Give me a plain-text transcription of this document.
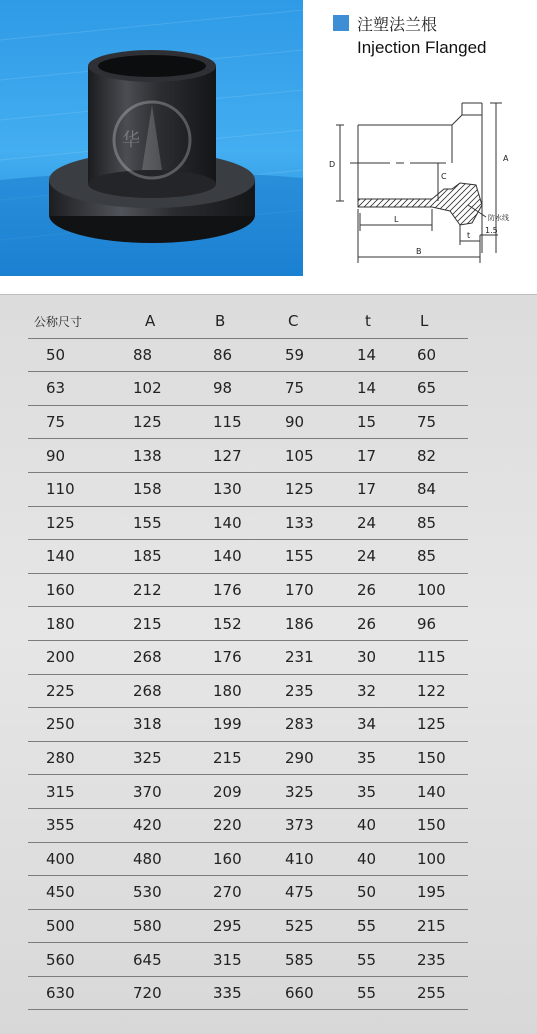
华
注塑法兰根
Injection Flanged
D
A
C
L
B
t
1.5
防水线
公称尺寸	A	B	C	t	L
50	88	86	59	14	60
63	102	98	75	14	65
75	125	115	90	15	75
90	138	127	105	17	82
110	158	130	125	17	84
125	155	140	133	24	85
140	185	140	155	24	85
160	212	176	170	26	100
180	215	152	186	26	96
200	268	176	231	30	115
225	268	180	235	32	122
250	318	199	283	34	125
280	325	215	290	35	150
315	370	209	325	35	140
355	420	220	373	40	150
400	480	160	410	40	100
450	530	270	475	50	195
500	580	295	525	55	215
560	645	315	585	55	235
630	720	335	660	55	255
